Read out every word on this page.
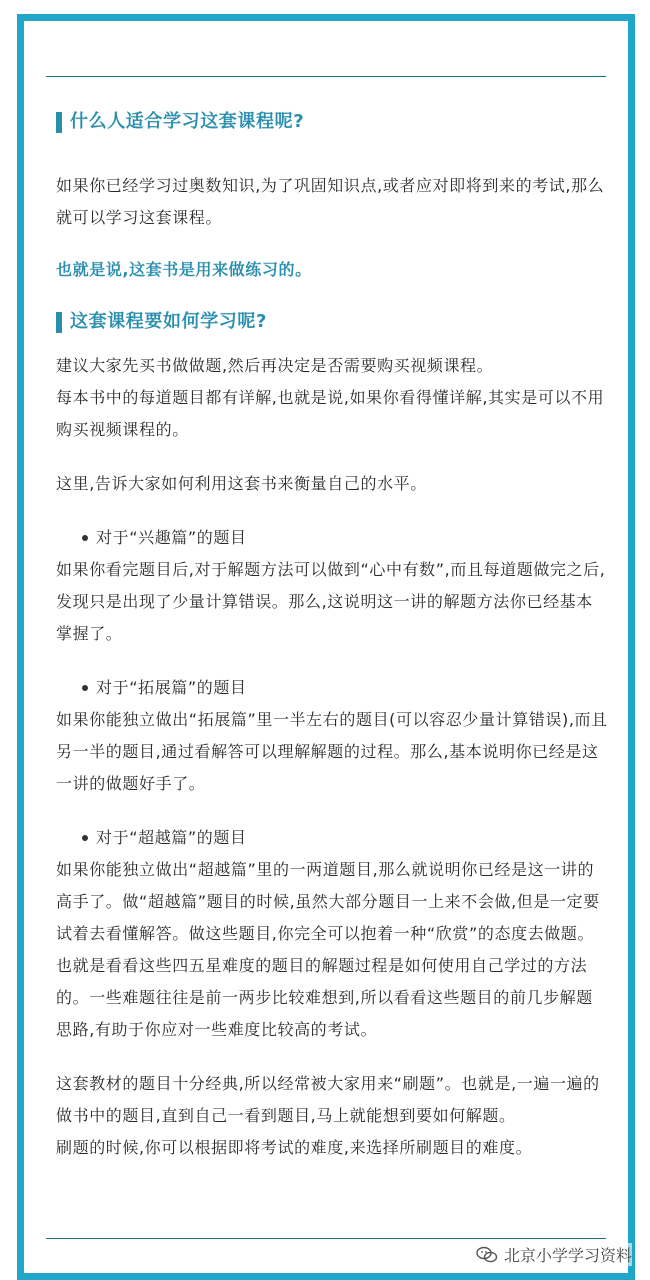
什么人适合学习这套课程呢?

如果你已经学习过奥数知识,为了巩固知识点,或者应对即将到来的考试,那么就可以学习这套课程。

也就是说,这套书是用来做练习的。

这套课程要如何学习呢?

建议大家先买书做做题,然后再决定是否需要购买视频课程。

每本书中的每道题目都有详解,也就是说,如果你看得懂详解,其实是可以不用购买视频课程的。

这里,告诉大家如何利用这套书来衡量自己的水平。

对于“兴趣篇”的题目

如果你看完题目后,对于解题方法可以做到“心中有数”,而且每道题做完之后,发现只是出现了少量计算错误。那么,这说明这一讲的解题方法你已经基本掌握了。

对于“拓展篇”的题目

如果你能独立做出“拓展篇”里一半左右的题目(可以容忍少量计算错误),而且另一半的题目,通过看解答可以理解解题的过程。那么,基本说明你已经是这一讲的做题好手了。

对于“超越篇”的题目

如果你能独立做出“超越篇”里的一两道题目,那么就说明你已经是这一讲的高手了。做“超越篇”题目的时候,虽然大部分题目一上来不会做,但是一定要试着去看懂解答。做这些题目,你完全可以抱着一种“欣赏”的态度去做题。也就是看看这些四五星难度的题目的解题过程是如何使用自己学过的方法的。一些难题往往是前一两步比较难想到,所以看看这些题目的前几步解题思路,有助于你应对一些难度比较高的考试。

这套教材的题目十分经典,所以经常被大家用来“刷题”。也就是,一遍一遍的做书中的题目,直到自己一看到题目,马上就能想到要如何解题。

刷题的时候,你可以根据即将考试的难度,来选择所刷题目的难度。

北京小学学习资料
